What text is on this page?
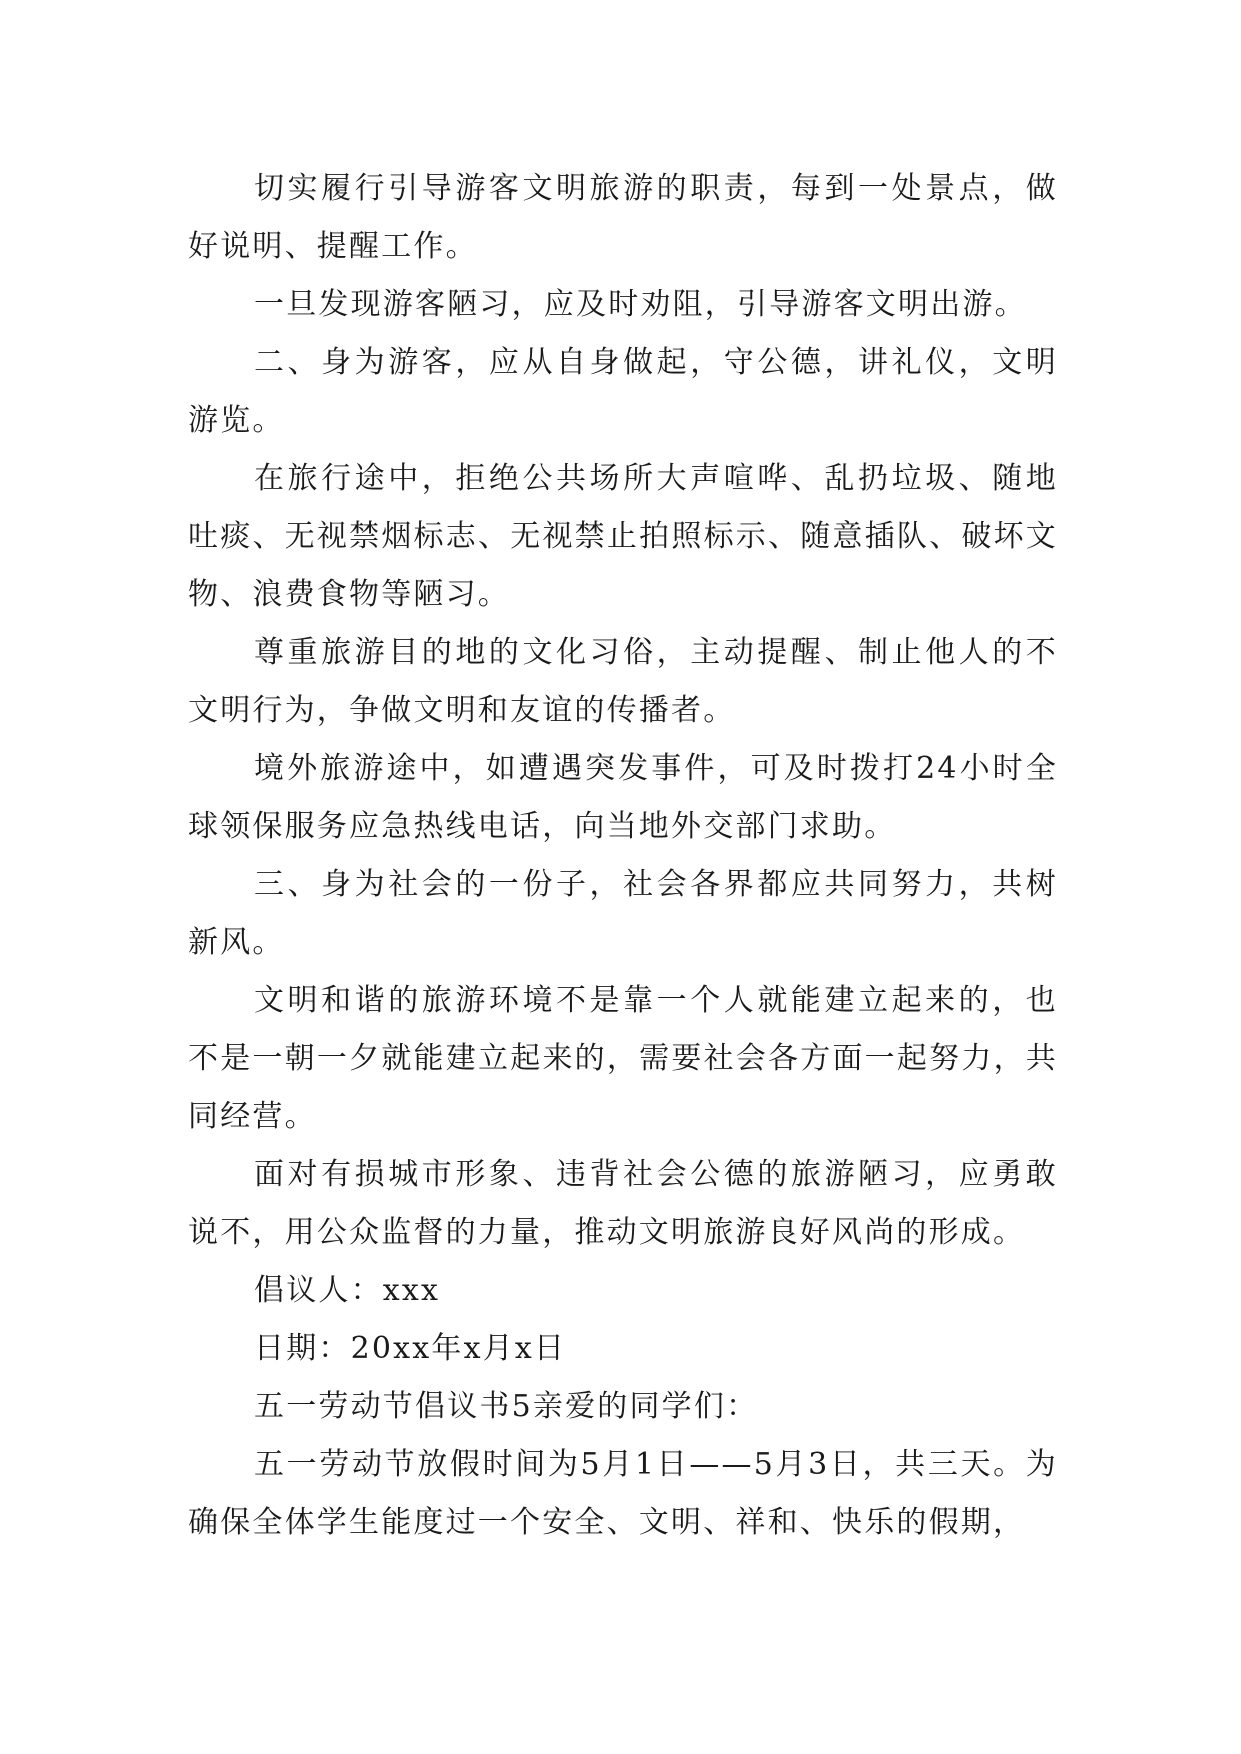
切实履行引导游客文明旅游的职责，每到一处景点，做好说明、提醒工作。

一旦发现游客陋习，应及时劝阻，引导游客文明出游。

二、身为游客，应从自身做起，守公德，讲礼仪，文明游览。

在旅行途中，拒绝公共场所大声喧哗、乱扔垃圾、随地吐痰、无视禁烟标志、无视禁止拍照标示、随意插队、破坏文物、浪费食物等陋习。

尊重旅游目的地的文化习俗，主动提醒、制止他人的不文明行为，争做文明和友谊的传播者。

境外旅游途中，如遭遇突发事件，可及时拨打24小时全球领保服务应急热线电话，向当地外交部门求助。

三、身为社会的一份子，社会各界都应共同努力，共树新风。

文明和谐的旅游环境不是靠一个人就能建立起来的，也不是一朝一夕就能建立起来的，需要社会各方面一起努力，共同经营。

面对有损城市形象、违背社会公德的旅游陋习，应勇敢说不，用公众监督的力量，推动文明旅游良好风尚的形成。

倡议人：xxx

日期：20xx年x月x日

五一劳动节倡议书5亲爱的同学们：

五一劳动节放假时间为5月1日——5月3日，共三天。为确保全体学生能度过一个安全、文明、祥和、快乐的假期，
